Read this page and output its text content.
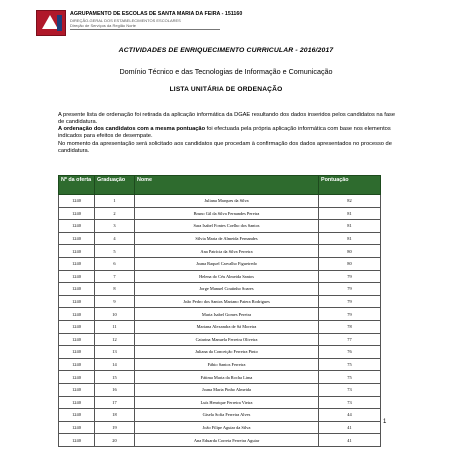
AGRUPAMENTO DE ESCOLAS DE SANTA MARIA DA FEIRA - 151160
DIREÇÃO-GERAL DOS ESTABELECIMENTOS ESCOLARES
Direção de Serviços da Região Norte
ACTIVIDADES DE ENRIQUECIMENTO CURRICULAR - 2016/2017
Domínio Técnico e das Tecnologias de Informação e Comunicação
LISTA UNITÁRIA DE ORDENAÇÃO
A presente lista de ordenação foi retirada da aplicação informática da DGAE resultando dos dados inseridos pelos candidatos na fase de candidatura.
A ordenação dos candidatos com a mesma pontuação foi efectuada pela própria aplicação informática com base nos elementos indicados para efeitos de desempate.
No momento da apresentação será solicitado aos candidatos que procedam à confirmação dos dados apresentados no processo de candidatura.
Nº da oferta	Graduação	Nome	Pontuação
1240	1	Juliana Marques da Silva	82
1240	2	Bruno Gil da Silva Fernandes Pereira	81
1240	3	Sara Isabel Fontes Coelho dos Santos	81
1240	4	Sílvia Maria de Almeida Fernandes	81
1240	5	Ana Patrícia da Silva Ferreira	80
1240	6	Joana Raquel Carvalho Figueiredo	80
1240	7	Helena do Céu Almeida Santos	79
1240	8	Jorge Manuel Coutinho Soares	79
1240	9	João Pedro dos Santos Mariano Paiera Rodrigues	79
1240	10	Maria Isabel Gomes Pereira	79
1240	11	Mariana Alexandra de Sá Moreira	78
1240	12	Catarina Manuela Ferreira Oliveira	77
1240	13	Juliana da Conceição Ferreira Pinto	76
1240	14	Fábio Santos Ferreira	75
1240	15	Fátima Maria da Rocha Lima	75
1240	16	Joana Maria Pinho Almeida	73
1240	17	Luís Henrique Ferreira Vieira	73
1240	18	Gisela Sofia Ferreira Alves	44
1240	19	João Filipe Aguiar da Silva	41
1240	20	Ana Eduarda Correia Ferreira Aguiar	41
1
